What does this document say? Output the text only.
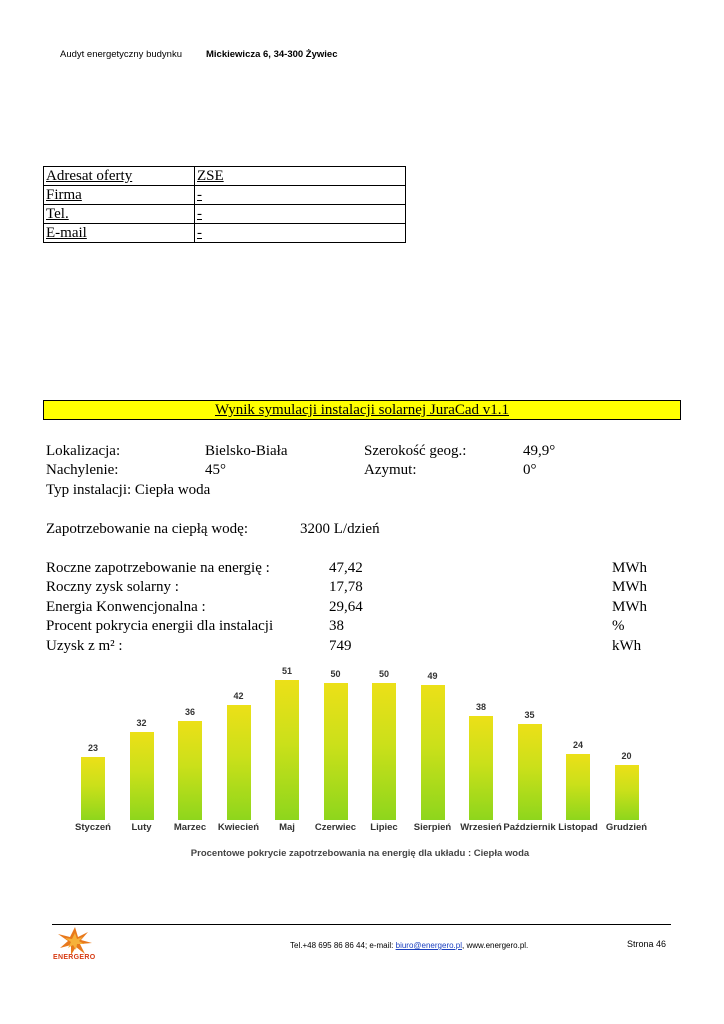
Audyt energetyczny budynku	Mickiewicza 6, 34-300 Żywiec
Adresat oferty	ZSE
Firma	-
Tel.	-
E-mail	-
Wynik symulacji instalacji solarnej JuraCad v1.1
Lokalizacja:	Bielsko-Biała	Szerokość geog.:	49,9°
Nachylenie:	45°	Azymut:	0°
Typ instalacji: Ciepła woda
Zapotrzebowanie na ciepłą wodę:	3200 L/dzień
Roczne zapotrzebowanie na energię :	47,42	MWh
Roczny zysk solarny :	17,78	MWh
Energia Konwencjonalna :	29,64	MWh
Procent pokrycia energii dla instalacji	38	%
Uzysk z m² :	749	kWh
23
Styczeń
32
Luty
36
Marzec
42
Kwiecień
51
Maj
50
Czerwiec
50
Lipiec
49
Sierpień
38
Wrzesień
35
Październik
24
Listopad
20
Grudzień
Procentowe pokrycie zapotrzebowania na energię dla układu : Ciepła woda
ENERGERO
Tel.+48 695 86 86 44; e-mail: biuro@energero.pl, www.energero.pl.	Strona 46
